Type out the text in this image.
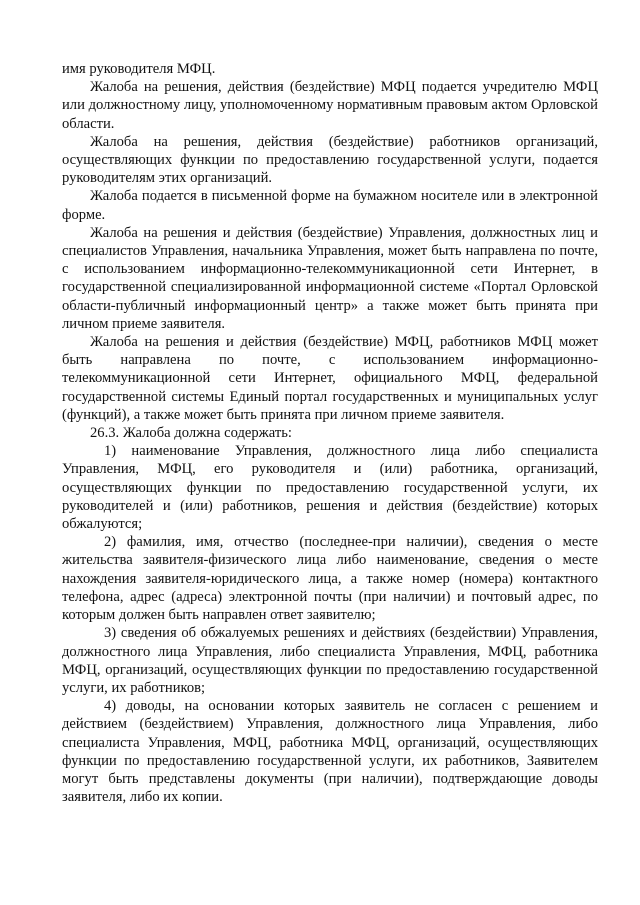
имя руководителя МФЦ.

Жалоба на решения, действия (бездействие) МФЦ подается учредителю МФЦ или должностному лицу, уполномоченному нормативным правовым актом Орловской области.

Жалоба на решения, действия (бездействие) работников организаций, осуществляющих функции по предоставлению государственной услуги, подается руководителям этих организаций.

Жалоба подается в письменной форме на бумажном носителе или в электронной форме.

Жалоба на решения и действия (бездействие) Управления, должностных лиц и специалистов Управления, начальника Управления, может быть направлена по почте, с использованием информационно-телекоммуникационной сети Интернет, в государственной специализированной информационной системе «Портал Орловской области-публичный информационный центр» а также может быть принята при личном приеме заявителя.

Жалоба на решения и действия (бездействие) МФЦ, работников МФЦ может быть направлена по почте, с использованием информационно-телекоммуникационной сети Интернет, официального МФЦ, федеральной государственной системы Единый портал государственных и муниципальных услуг (функций), а также может быть принята при личном приеме заявителя.

26.3. Жалоба должна содержать:

1) наименование Управления, должностного лица либо специалиста Управления, МФЦ, его руководителя и (или) работника, организаций, осуществляющих функции по предоставлению государственной услуги, их руководителей и (или) работников, решения и действия (бездействие) которых обжалуются;

2) фамилия, имя, отчество (последнее-при наличии), сведения о месте жительства заявителя-физического лица либо наименование, сведения о месте нахождения заявителя-юридического лица, а также номер (номера) контактного телефона, адрес (адреса) электронной почты (при наличии) и почтовый адрес, по которым должен быть направлен ответ заявителю;

3) сведения об обжалуемых решениях и действиях (бездействии) Управления, должностного лица Управления, либо специалиста Управления, МФЦ, работника МФЦ, организаций, осуществляющих функции по предоставлению государственной услуги, их работников;

4) доводы, на основании которых заявитель не согласен с решением и действием (бездействием) Управления, должностного лица Управления, либо специалиста Управления, МФЦ, работника МФЦ, организаций, осуществляющих функции по предоставлению государственной услуги, их работников, Заявителем могут быть представлены документы (при наличии), подтверждающие доводы заявителя, либо их копии.
